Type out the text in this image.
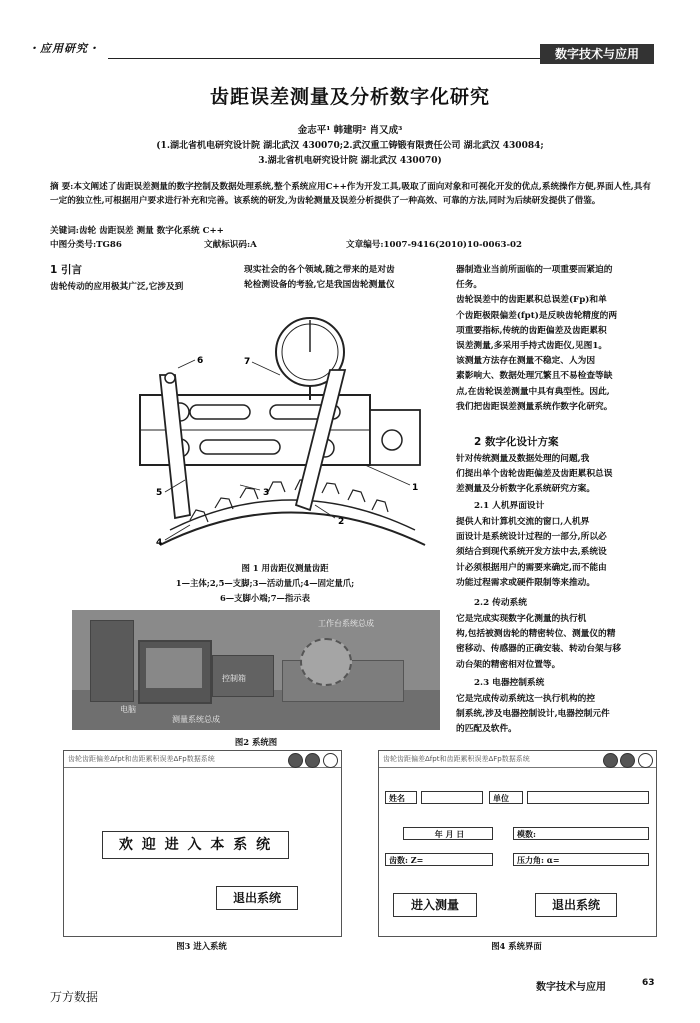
・应用研究・	数字技术与应用
齿距误差测量及分析数字化研究
金志平¹ 韩建明² 肖又成³
(1.湖北省机电研究设计院 湖北武汉 430070;2.武汉重工铸锻有限责任公司 湖北武汉 430084;
3.湖北省机电研究设计院 湖北武汉 430070)
摘 要:本文阐述了齿距误差测量的数字控制及数据处理系统,整个系统应用C++作为开发工具,吸取了面向对象和可视化开发的优点,系统操作方便,界面人性,具有一定的独立性,可根据用户要求进行补充和完善。该系统的研发,为齿轮测量及误差分析提供了一种高效、可靠的方法,同时为后续研发提供了借鉴。
关键词:齿轮 齿距误差 测量 数字化系统 C++
中图分类号:TG86	文献标识码:A	文章编号:1007-9416(2010)10-0063-02
1 引言
齿轮传动的应用极其广泛,它涉及到
现实社会的各个领域,随之带来的是对齿
轮检测设备的考验,它是我国齿轮测量仪
器制造业当前所面临的一项重要而紧迫的
任务。
齿轮误差中的齿距累积总误差(Fp)和单
个齿距极限偏差(fpt)是反映齿轮精度的两
项重要指标,传统的齿距偏差及齿距累积
误差测量,多采用手持式齿距仪,见图1。
该测量方法存在测量不稳定、人为因
素影响大、数据处理冗繁且不易检查等缺
点,在齿轮误差测量中具有典型性。因此,
我们把齿距误差测量系统作数字化研究。
2 数字化设计方案
针对传统测量及数据处理的问题,我
们提出单个齿轮齿距偏差及齿距累积总误
差测量及分析数字化系统研究方案。
2.1 人机界面设计
提供人和计算机交流的窗口,人机界
面设计是系统设计过程的一部分,所以必
须结合到现代系统开发方法中去,系统设
计必须根据用户的需要来确定,而不能由
功能过程需求或硬件限制等来推动。
2.2 传动系统
它是完成实现数字化测量的执行机
构,包括被测齿轮的精密转位、测量仪的精
密移动、传感器的正确安装、转动台架与移
动台架的精密相对位置等。
2.3 电器控制系统
它是完成传动系统这一执行机构的控
制系统,涉及电器控制设计,电器控制元件
的匹配及软件。
6	7
1
2
3
4
5
图 1 用齿距仪测量齿距
1—主体;2,5—支脚;3—活动量爪;4—固定量爪;
6—支脚小端;7—指示表
工作台系统总成
控制箱
电脑
测量系统总成
图2 系统图
齿轮齿距偏差Δfpt和齿距累积误差ΔFp数据系统
欢 迎 进 入 本 系 统
退出系统
图3 进入系统
齿轮齿距偏差Δfpt和齿距累积误差ΔFp数据系统
姓名	单位
年 月 日	模数:
齿数: Z=	压力角: α=
进入测量	退出系统
图4 系统界面
数字技术与应用	63
万方数据
